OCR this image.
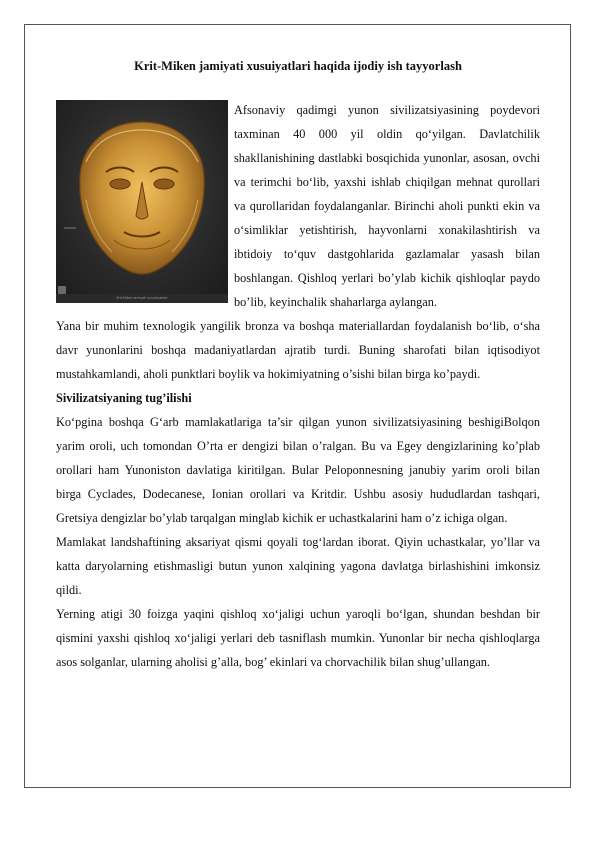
Krit-Miken jamiyati xusuiyatlari haqida ijodiy ish tayyorlash

Krit-Miken jamiyati xususiyatlari

Afsonaviy qadimgi yunon sivilizatsiyasining poydevori taxminan 40 000 yil oldin qo‘yilgan. Davlatchilik shakllanishining dastlabki bosqichida yunonlar, asosan, ovchi va terimchi bo‘lib, yaxshi ishlab chiqilgan mehnat qurollari va qurollaridan foydalanganlar. Birinchi aholi punkti ekin va o‘simliklar yetishtirish, hayvonlarni xonakilashtirish va ibtidoiy to‘quv dastgohlarida gazlamalar yasash bilan boshlangan. Qishloq yerlari bo’ylab kichik qishloqlar paydo bo’lib, keyinchalik shaharlarga aylangan.

Yana bir muhim texnologik yangilik bronza va boshqa materiallardan foydalanish bo‘lib, o‘sha davr yunonlarini boshqa madaniyatlardan ajratib turdi. Buning sharofati bilan iqtisodiyot mustahkamlandi, aholi punktlari boylik va hokimiyatning o’sishi bilan birga ko’paydi.

Sivilizatsiyaning tug’ilishi

Ko‘pgina boshqa G‘arb mamlakatlariga ta’sir qilgan yunon sivilizatsiyasining beshigiBolqon yarim oroli, uch tomondan O’rta er dengizi bilan o’ralgan. Bu va Egey dengizlarining ko’plab orollari ham Yunoniston davlatiga kiritilgan. Bular Peloponnesning janubiy yarim oroli bilan birga Cyclades, Dodecanese, Ionian orollari va Kritdir. Ushbu asosiy hududlardan tashqari, Gretsiya dengizlar bo’ylab tarqalgan minglab kichik er uchastkalarini ham o’z ichiga olgan.

Mamlakat landshaftining aksariyat qismi qoyali tog‘lardan iborat. Qiyin uchastkalar, yo’llar va katta daryolarning etishmasligi butun yunon xalqining yagona davlatga birlashishini imkonsiz qildi.

Yerning atigi 30 foizga yaqini qishloq xo‘jaligi uchun yaroqli bo‘lgan, shundan beshdan bir qismini yaxshi qishloq xo‘jaligi yerlari deb tasniflash mumkin. Yunonlar bir necha qishloqlarga asos solganlar, ularning aholisi g’alla, bog’ ekinlari va chorvachilik bilan shug’ullangan.
